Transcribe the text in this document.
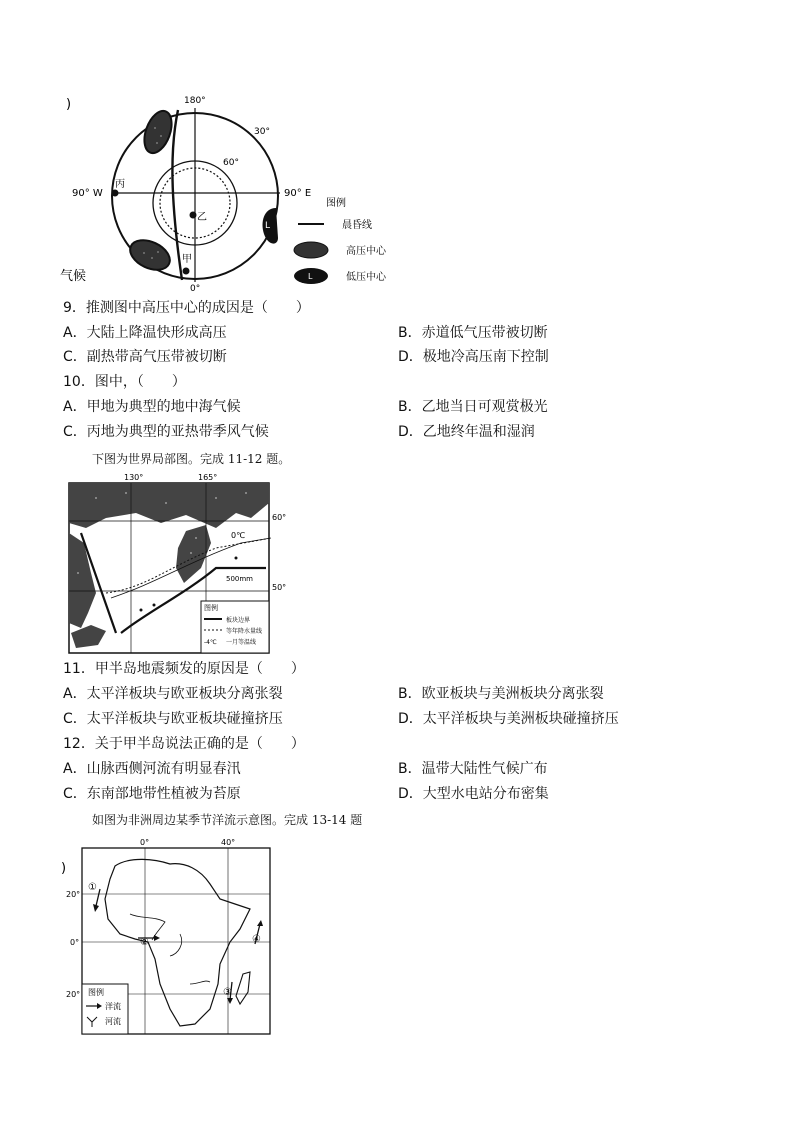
)
气候
L
180°
30°
60°
0°
90° W	90° E
丙
乙
甲
图例
晨昏线
高压中心
L	低压中心
9．推测图中高压中心的成因是（　　）
A．大陆上降温快形成高压	B．赤道低气压带被切断
C．副热带高气压带被切断	D．极地冷高压南下控制
10．图中，（　　）
A．甲地为典型的地中海气候	B．乙地当日可观赏极光
C．丙地为典型的亚热带季风气候	D．乙地终年温和湿润
下图为世界局部图。完成 11-12 题。
130°	165°
60°
50°
0℃
500mm
图例
板块边界
等年降水量线
-4℃ 一月等温线
11．甲半岛地震频发的原因是（　　）
A．太平洋板块与欧亚板块分离张裂	B．欧亚板块与美洲板块分离张裂
C．太平洋板块与欧亚板块碰撞挤压	D．太平洋板块与美洲板块碰撞挤压
12．关于甲半岛说法正确的是（　　）
A．山脉西侧河流有明显春汛	B．温带大陆性气候广布
C．东南部地带性植被为苔原	D．大型水电站分布密集
如图为非洲周边某季节洋流示意图。完成 13-14 题
)
①
②
③
④
0°	40°
20°
0°
20° 图例
洋流
河流
